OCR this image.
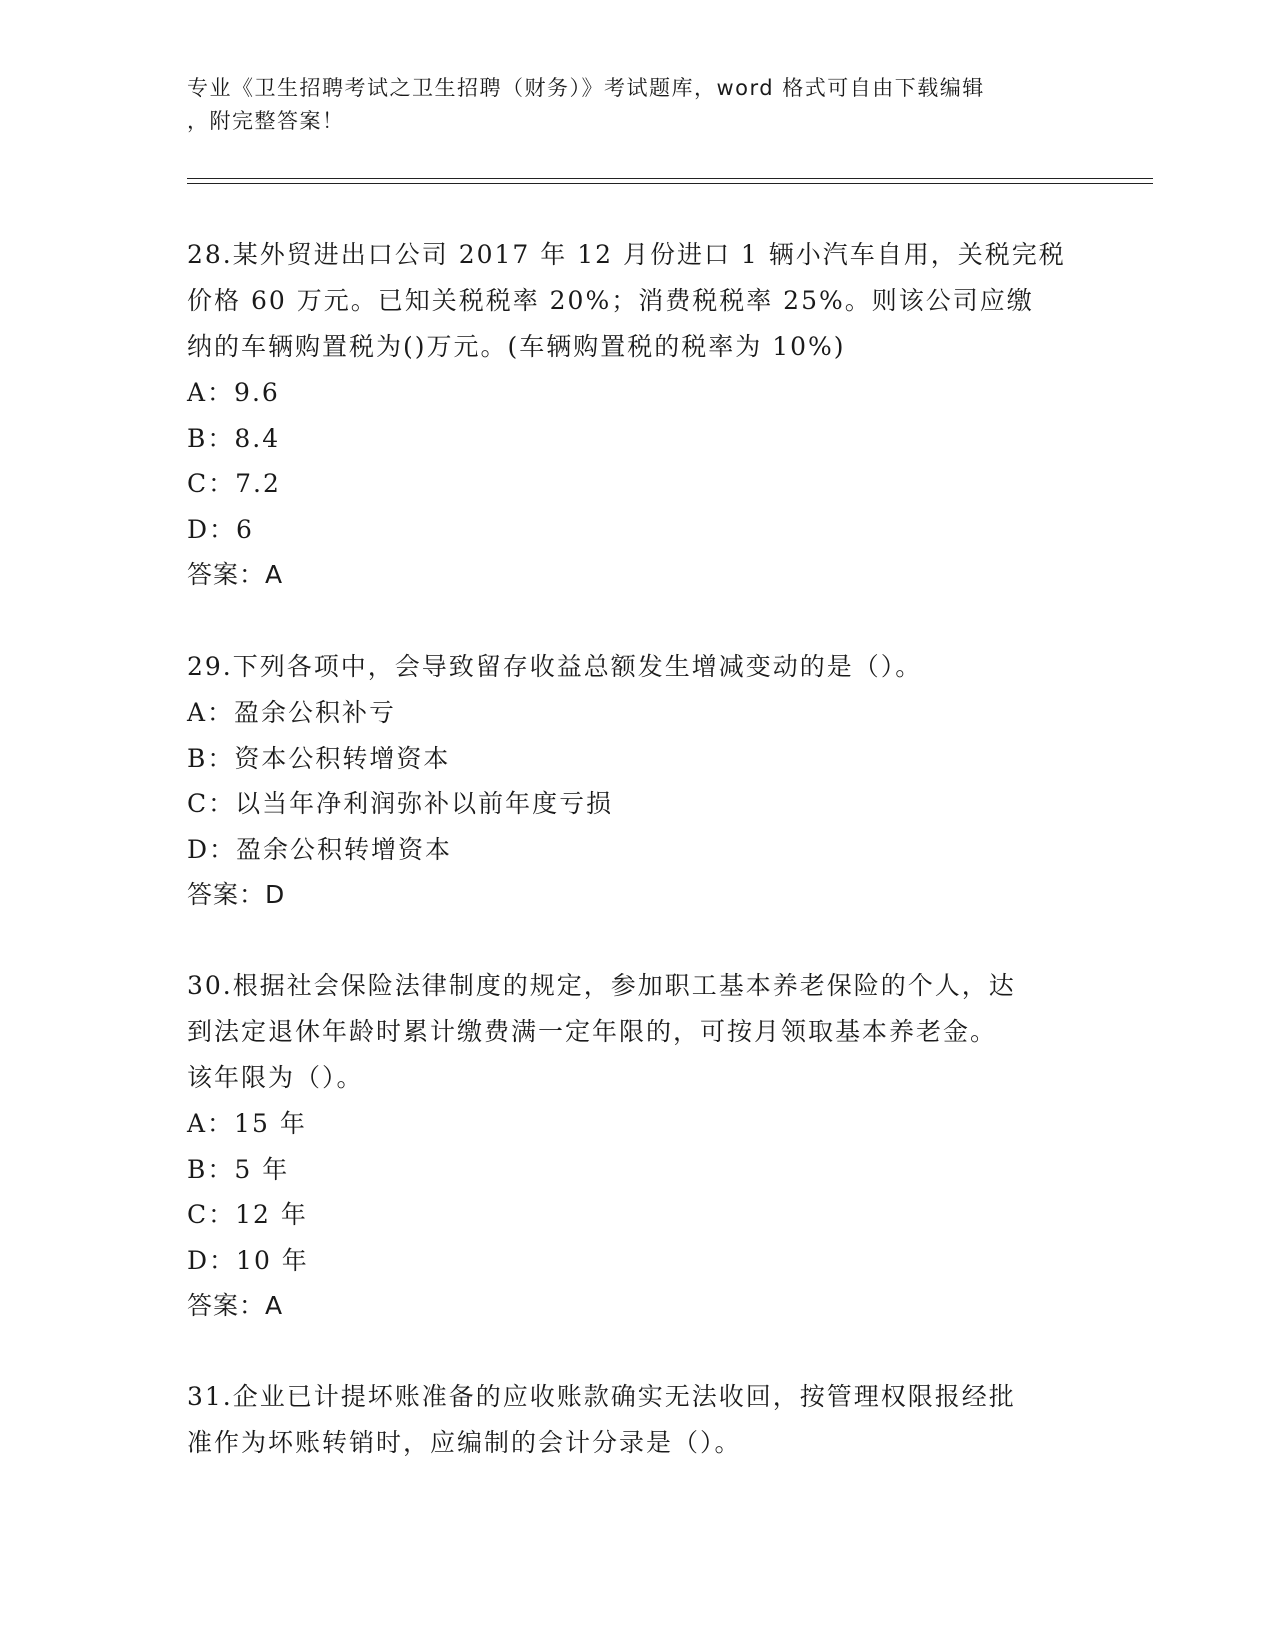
专业《卫生招聘考试之卫生招聘（财务）》考试题库，word 格式可自由下载编辑
，附完整答案！
28.某外贸进出口公司 2017 年 12 月份进口 1 辆小汽车自用，关税完税
价格 60 万元。已知关税税率 20%；消费税税率 25%。则该公司应缴
纳的车辆购置税为()万元。(车辆购置税的税率为 10%)
A：9.6
B：8.4
C：7.2
D：6
答案：A
29.下列各项中，会导致留存收益总额发生增减变动的是（）。
A：盈余公积补亏
B：资本公积转增资本
C：以当年净利润弥补以前年度亏损
D：盈余公积转增资本
答案：D
30.根据社会保险法律制度的规定，参加职工基本养老保险的个人，达
到法定退休年龄时累计缴费满一定年限的，可按月领取基本养老金。
该年限为（）。
A：15 年
B：5 年
C：12 年
D：10 年
答案：A
31.企业已计提坏账准备的应收账款确实无法收回，按管理权限报经批
准作为坏账转销时，应编制的会计分录是（）。
